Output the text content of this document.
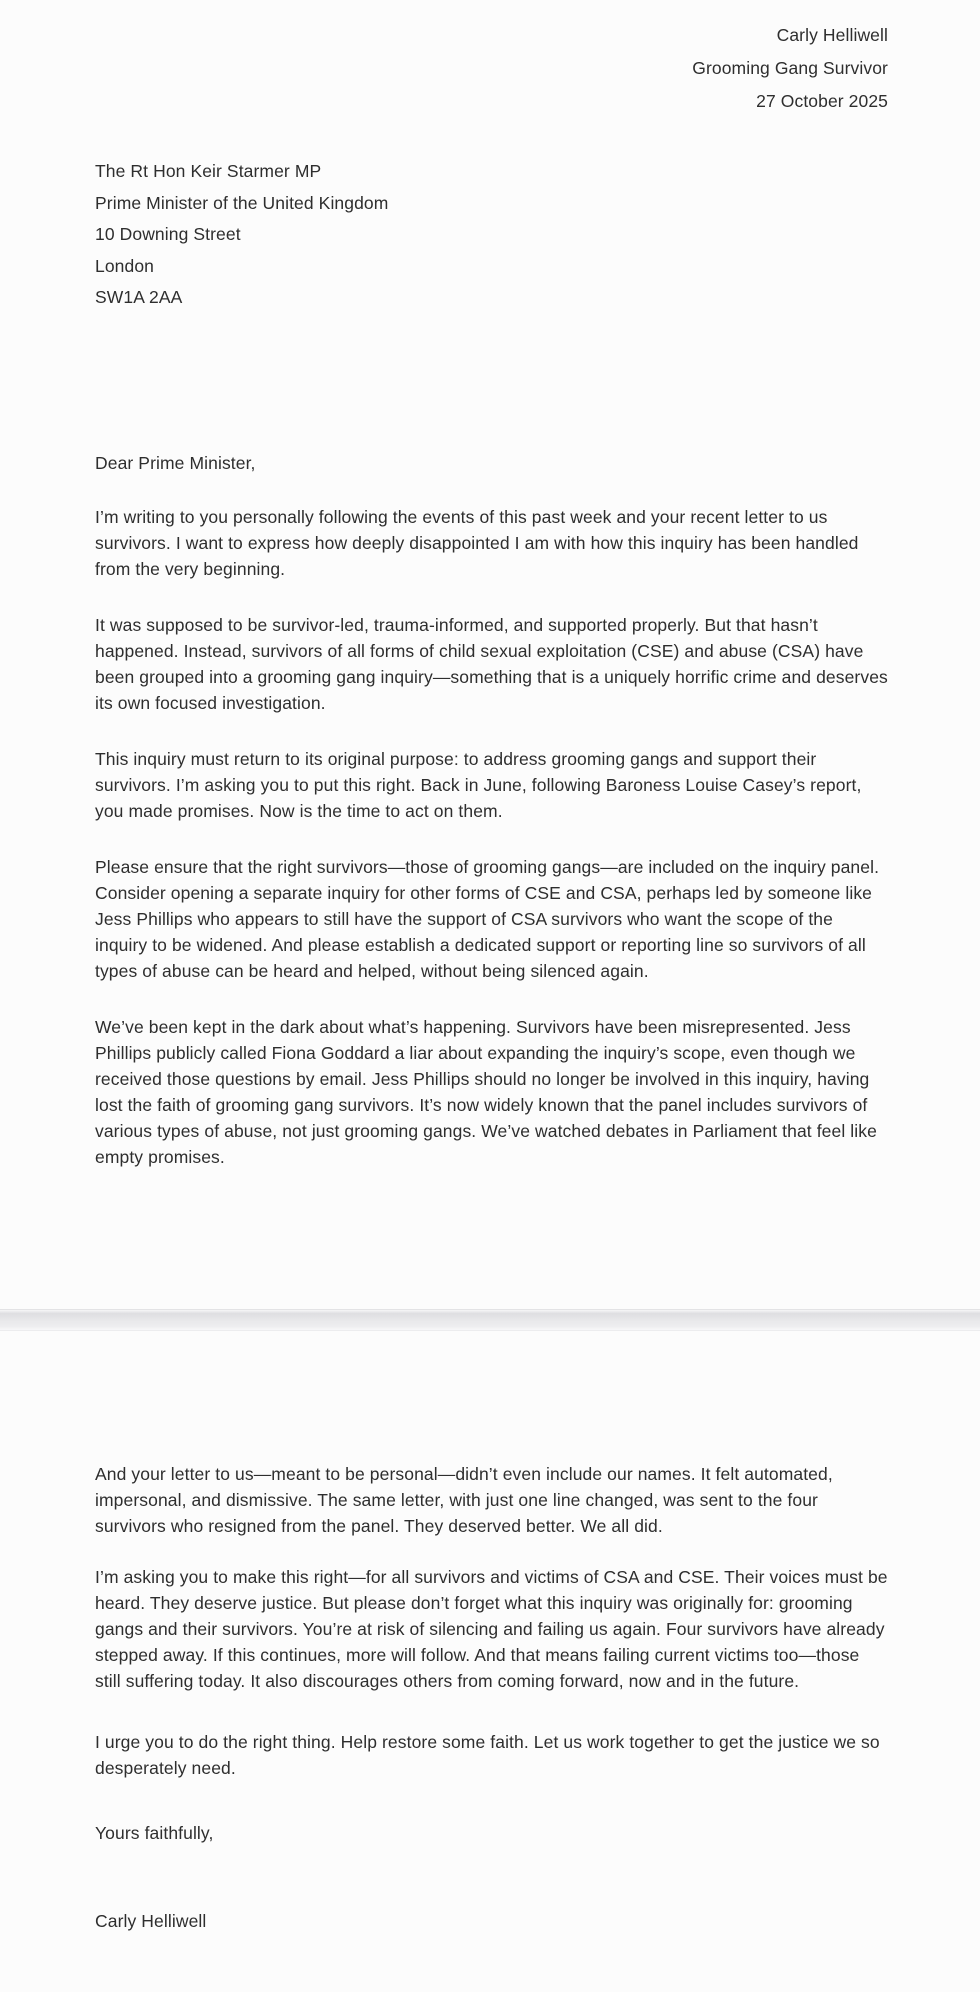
Carly Helliwell

Grooming Gang Survivor

27 October 2025

The Rt Hon Keir Starmer MP

Prime Minister of the United Kingdom

10 Downing Street

London

SW1A 2AA

Dear Prime Minister,

I’m writing to you personally following the events of this past week and your recent letter to us survivors. I want to express how deeply disappointed I am with how this inquiry has been handled from the very beginning.

It was supposed to be survivor-led, trauma-informed, and supported properly. But that hasn’t happened. Instead, survivors of all forms of child sexual exploitation (CSE) and abuse (CSA) have been grouped into a grooming gang inquiry—something that is a uniquely horrific crime and deserves its own focused investigation.

This inquiry must return to its original purpose: to address grooming gangs and support their survivors. I’m asking you to put this right. Back in June, following Baroness Louise Casey’s report, you made promises. Now is the time to act on them.

Please ensure that the right survivors—those of grooming gangs—are included on the inquiry panel. Consider opening a separate inquiry for other forms of CSE and CSA, perhaps led by someone like Jess Phillips who appears to still have the support of CSA survivors who want the scope of the inquiry to be widened. And please establish a dedicated support or reporting line so survivors of all types of abuse can be heard and helped, without being silenced again.

We’ve been kept in the dark about what’s happening. Survivors have been misrepresented. Jess Phillips publicly called Fiona Goddard a liar about expanding the inquiry’s scope, even though we received those questions by email. Jess Phillips should no longer be involved in this inquiry, having lost the faith of grooming gang survivors. It’s now widely known that the panel includes survivors of various types of abuse, not just grooming gangs. We’ve watched debates in Parliament that feel like empty promises.

And your letter to us—meant to be personal—didn’t even include our names. It felt automated, impersonal, and dismissive. The same letter, with just one line changed, was sent to the four survivors who resigned from the panel. They deserved better. We all did.

I’m asking you to make this right—for all survivors and victims of CSA and CSE. Their voices must be heard. They deserve justice. But please don’t forget what this inquiry was originally for: grooming gangs and their survivors. You’re at risk of silencing and failing us again. Four survivors have already stepped away. If this continues, more will follow. And that means failing current victims too—those still suffering today. It also discourages others from coming forward, now and in the future.

I urge you to do the right thing. Help restore some faith. Let us work together to get the justice we so desperately need.

Yours faithfully,

Carly Helliwell
